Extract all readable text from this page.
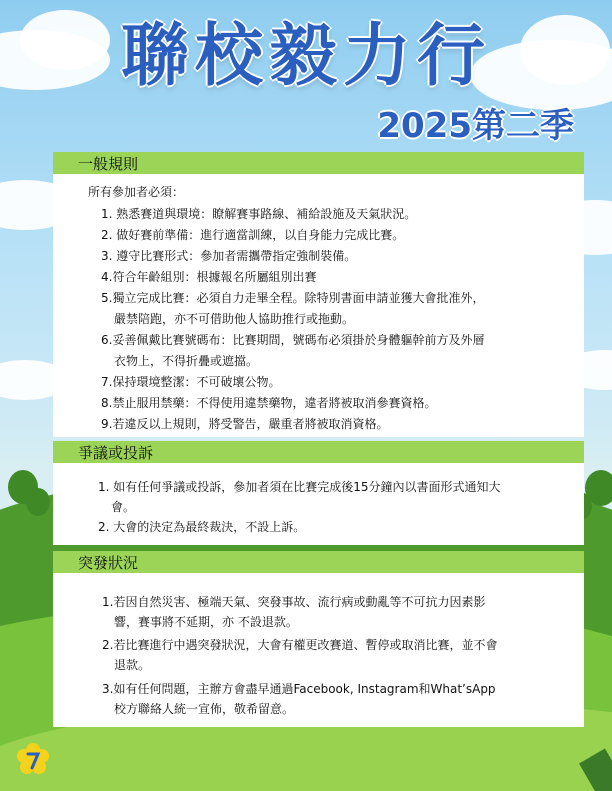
聯校毅力行
2025第二季
一般規則
所有參加者必須：
1. 熟悉賽道與環境：瞭解賽事路線、補給設施及天氣狀況。
2. 做好賽前準備：進行適當訓練，以自身能力完成比賽。
3. 遵守比賽形式：參加者需攜帶指定強制裝備。
4.符合年齡組別：根據報名所屬組別出賽
5.獨立完成比賽：必須自力走畢全程。除特別書面申請並獲大會批准外，
嚴禁陪跑，亦不可借助他人協助推行或拖動。
6.妥善佩戴比賽號碼布：比賽期間，號碼布必須掛於身體軀幹前方及外層
衣物上，不得折疊或遮擋。
7.保持環境整潔：不可破壞公物。
8.禁止服用禁藥：不得使用違禁藥物，違者將被取消參賽資格。
9.若違反以上規則，將受警告，嚴重者將被取消資格。
爭議或投訴
1. 如有任何爭議或投訴，參加者須在比賽完成後15分鐘內以書面形式通知大
會。
2. 大會的決定為最終裁決，不設上訴。
突發狀況
1.若因自然災害、極端天氣、突發事故、流行病或動亂等不可抗力因素影
響，賽事將不延期，亦 不設退款。
2.若比賽進行中遇突發狀況，大會有權更改賽道、暫停或取消比賽，並不會
退款。
3.如有任何問題，主辦方會盡早通過Facebook, Instagram和What’sApp
校方聯絡人統一宣佈，敬希留意。
